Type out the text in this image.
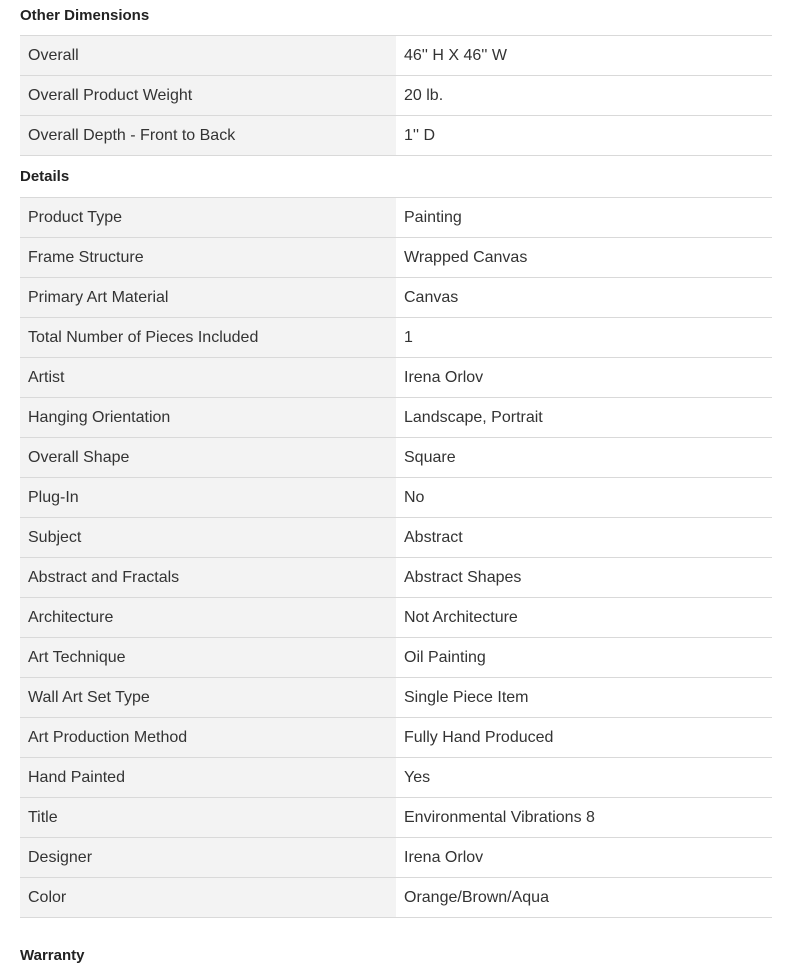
Other Dimensions
Overall	46'' H X 46'' W
Overall Product Weight	20 lb.
Overall Depth - Front to Back	1'' D
Details
Product Type	Painting
Frame Structure	Wrapped Canvas
Primary Art Material	Canvas
Total Number of Pieces Included	1
Artist	Irena Orlov
Hanging Orientation	Landscape, Portrait
Overall Shape	Square
Plug-In	No
Subject	Abstract
Abstract and Fractals	Abstract Shapes
Architecture	Not Architecture
Art Technique	Oil Painting
Wall Art Set Type	Single Piece Item
Art Production Method	Fully Hand Produced
Hand Painted	Yes
Title	Environmental Vibrations 8
Designer	Irena Orlov
Color	Orange/Brown/Aqua
Warranty
